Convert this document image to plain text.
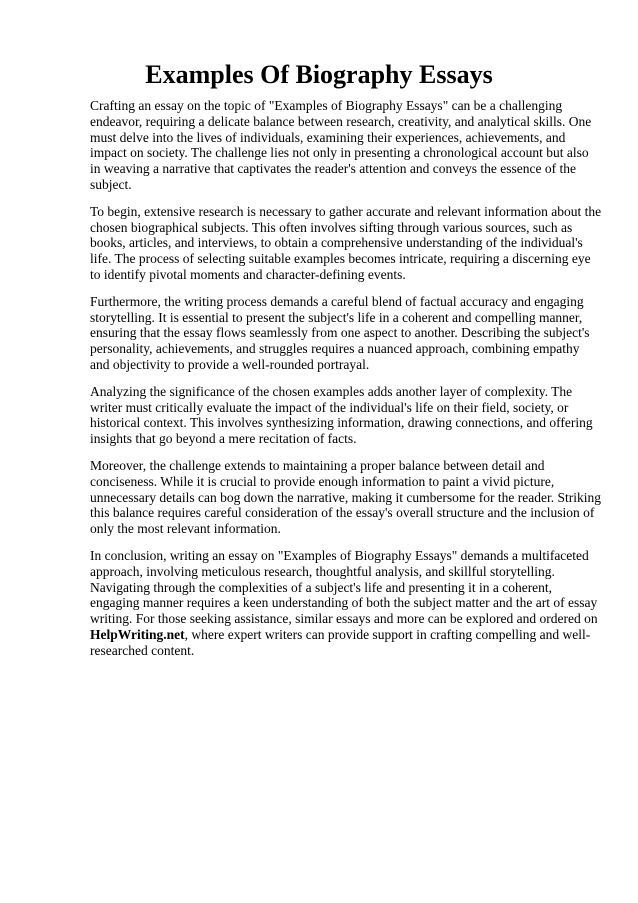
Examples Of Biography Essays

Crafting an essay on the topic of "Examples of Biography Essays" can be a challenging endeavor, requiring a delicate balance between research, creativity, and analytical skills. One must delve into the lives of individuals, examining their experiences, achievements, and impact on society. The challenge lies not only in presenting a chronological account but also in weaving a narrative that captivates the reader's attention and conveys the essence of the subject.

To begin, extensive research is necessary to gather accurate and relevant information about the chosen biographical subjects. This often involves sifting through various sources, such as books, articles, and interviews, to obtain a comprehensive understanding of the individual's life. The process of selecting suitable examples becomes intricate, requiring a discerning eye to identify pivotal moments and character-defining events.

Furthermore, the writing process demands a careful blend of factual accuracy and engaging storytelling. It is essential to present the subject's life in a coherent and compelling manner, ensuring that the essay flows seamlessly from one aspect to another. Describing the subject's personality, achievements, and struggles requires a nuanced approach, combining empathy and objectivity to provide a well-rounded portrayal.

Analyzing the significance of the chosen examples adds another layer of complexity. The writer must critically evaluate the impact of the individual's life on their field, society, or historical context. This involves synthesizing information, drawing connections, and offering insights that go beyond a mere recitation of facts.

Moreover, the challenge extends to maintaining a proper balance between detail and conciseness. While it is crucial to provide enough information to paint a vivid picture, unnecessary details can bog down the narrative, making it cumbersome for the reader. Striking this balance requires careful consideration of the essay's overall structure and the inclusion of only the most relevant information.

In conclusion, writing an essay on "Examples of Biography Essays" demands a multifaceted approach, involving meticulous research, thoughtful analysis, and skillful storytelling. Navigating through the complexities of a subject's life and presenting it in a coherent, engaging manner requires a keen understanding of both the subject matter and the art of essay writing. For those seeking assistance, similar essays and more can be explored and ordered on HelpWriting.net, where expert writers can provide support in crafting compelling and well-researched content.
